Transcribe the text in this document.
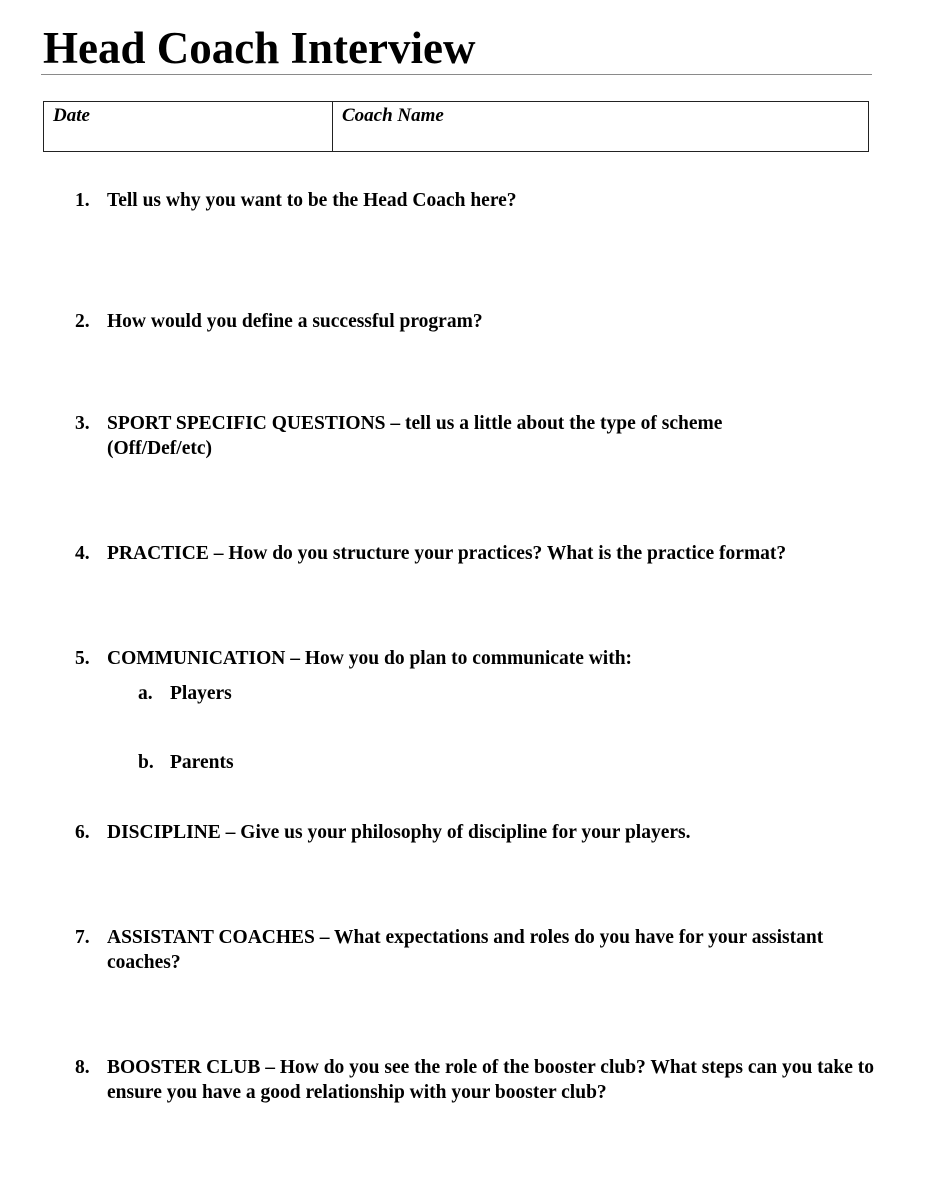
Head Coach Interview
Date	Coach Name
1. Tell us why you want to be the Head Coach here?
2. How would you define a successful program?
3. SPORT SPECIFIC QUESTIONS – tell us a little about the type of scheme (Off/Def/etc)
4. PRACTICE – How do you structure your practices? What is the practice format?
5. COMMUNICATION – How you do plan to communicate with:
a. Players
b. Parents
6. DISCIPLINE – Give us your philosophy of discipline for your players.
7. ASSISTANT COACHES – What expectations and roles do you have for your assistant coaches?
8. BOOSTER CLUB – How do you see the role of the booster club? What steps can you take to ensure you have a good relationship with your booster club?
